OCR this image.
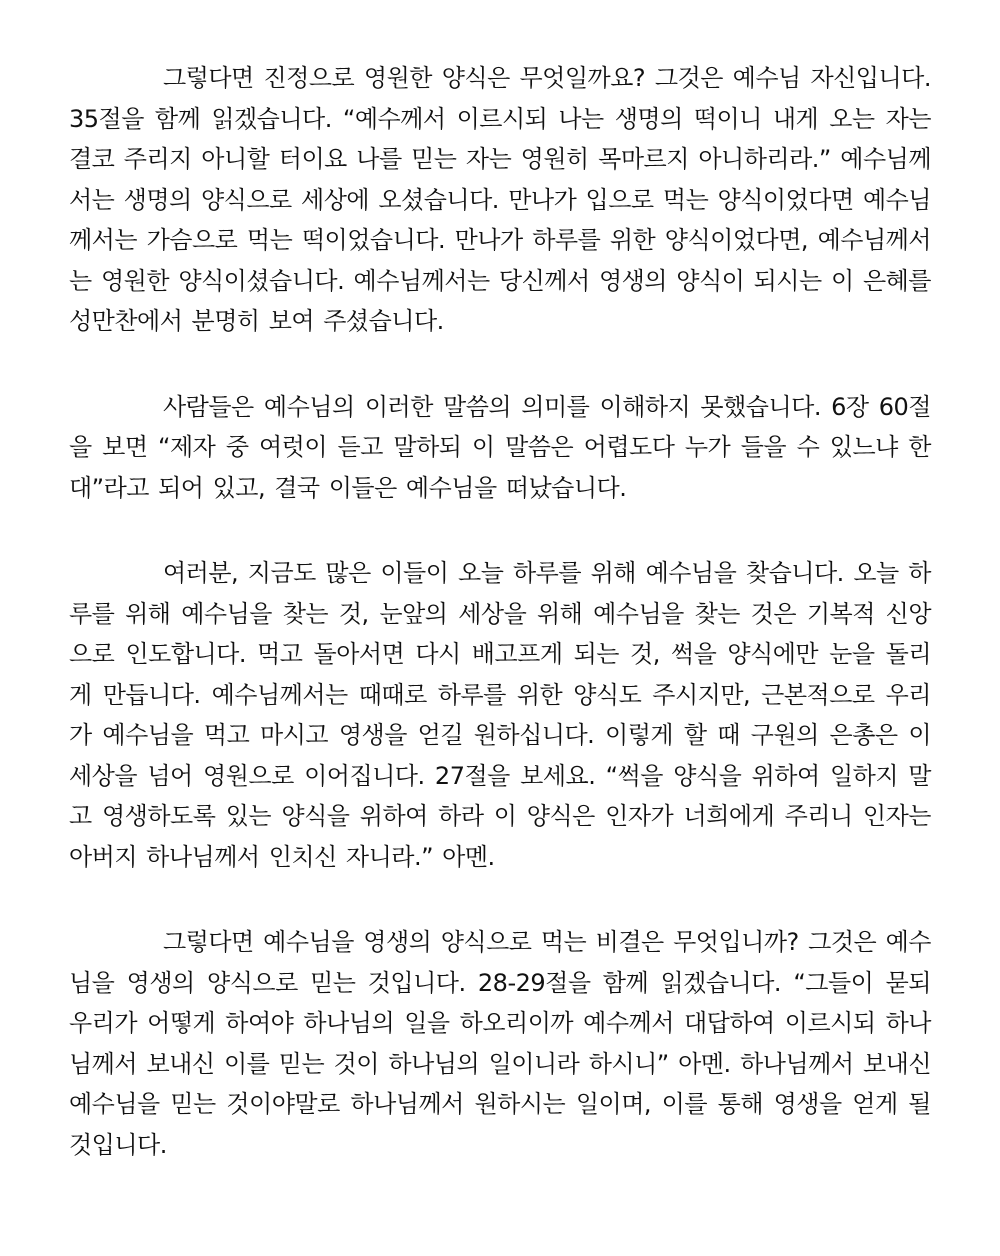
그렇다면 진정으로 영원한 양식은 무엇일까요? 그것은 예수님 자신입니다. 35절을 함께 읽겠습니다. “예수께서 이르시되 나는 생명의 떡이니 내게 오는 자는 결코 주리지 아니할 터이요 나를 믿는 자는 영원히 목마르지 아니하리라.” 예수님께서는 생명의 양식으로 세상에 오셨습니다. 만나가 입으로 먹는 양식이었다면 예수님께서는 가슴으로 먹는 떡이었습니다. 만나가 하루를 위한 양식이었다면, 예수님께서는 영원한 양식이셨습니다. 예수님께서는 당신께서 영생의 양식이 되시는 이 은혜를 성만찬에서 분명히 보여 주셨습니다.

사람들은 예수님의 이러한 말씀의 의미를 이해하지 못했습니다. 6장 60절을 보면 “제자 중 여럿이 듣고 말하되 이 말씀은 어렵도다 누가 들을 수 있느냐 한대”라고 되어 있고, 결국 이들은 예수님을 떠났습니다.

여러분, 지금도 많은 이들이 오늘 하루를 위해 예수님을 찾습니다. 오늘 하루를 위해 예수님을 찾는 것, 눈앞의 세상을 위해 예수님을 찾는 것은 기복적 신앙으로 인도합니다. 먹고 돌아서면 다시 배고프게 되는 것, 썩을 양식에만 눈을 돌리게 만듭니다. 예수님께서는 때때로 하루를 위한 양식도 주시지만, 근본적으로 우리가 예수님을 먹고 마시고 영생을 얻길 원하십니다. 이렇게 할 때 구원의 은총은 이 세상을 넘어 영원으로 이어집니다. 27절을 보세요. “썩을 양식을 위하여 일하지 말고 영생하도록 있는 양식을 위하여 하라 이 양식은 인자가 너희에게 주리니 인자는 아버지 하나님께서 인치신 자니라.” 아멘.

그렇다면 예수님을 영생의 양식으로 먹는 비결은 무엇입니까? 그것은 예수님을 영생의 양식으로 믿는 것입니다. 28-29절을 함께 읽겠습니다. “그들이 묻되 우리가 어떻게 하여야 하나님의 일을 하오리이까 예수께서 대답하여 이르시되 하나님께서 보내신 이를 믿는 것이 하나님의 일이니라 하시니” 아멘. 하나님께서 보내신 예수님을 믿는 것이야말로 하나님께서 원하시는 일이며, 이를 통해 영생을 얻게 될 것입니다.
